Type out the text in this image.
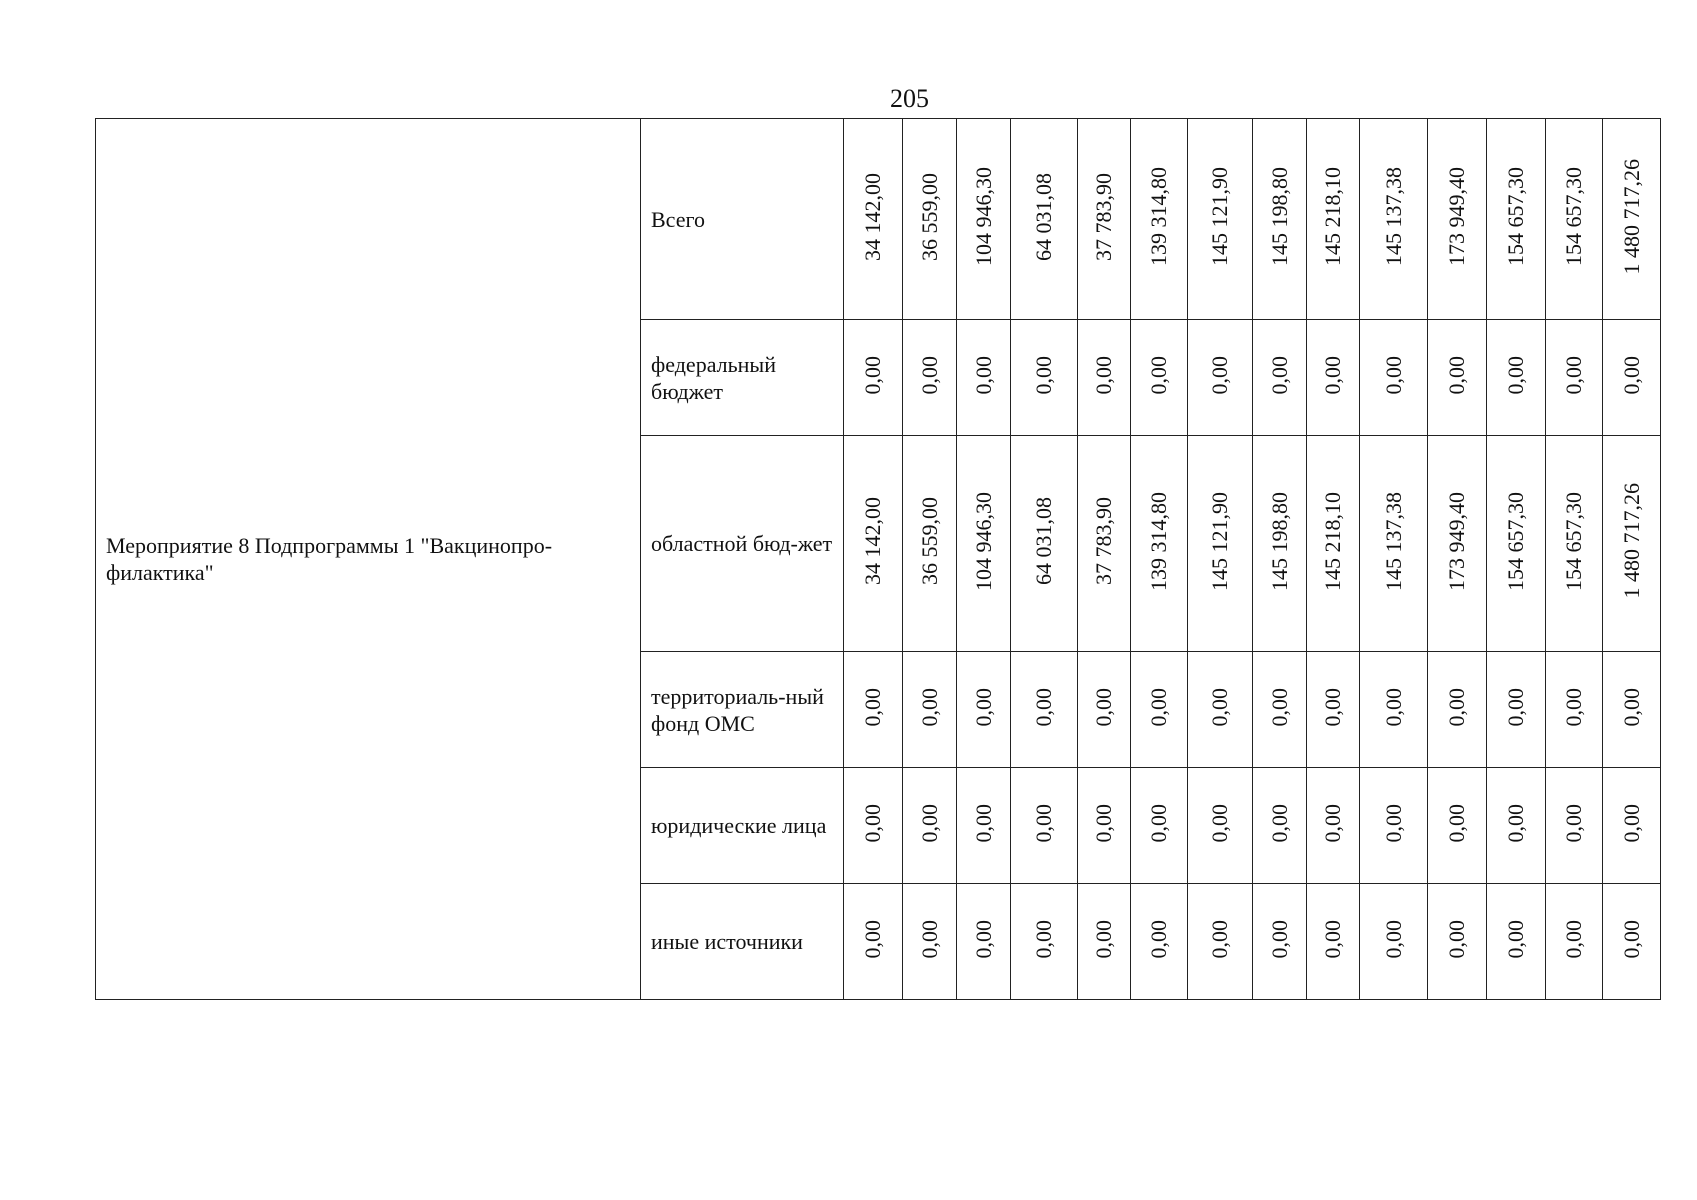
205
Мероприятие 8 Подпрограммы 1 "Вакцинопро-филактика"	Всего	34 142,00	36 559,00	104 946,30	64 031,08	37 783,90	139 314,80	145 121,90	145 198,80	145 218,10	145 137,38	173 949,40	154 657,30	154 657,30	1 480 717,26
	федеральный бюджет	0,00	0,00	0,00	0,00	0,00	0,00	0,00	0,00	0,00	0,00	0,00	0,00	0,00	0,00
	областной бюд-жет	34 142,00	36 559,00	104 946,30	64 031,08	37 783,90	139 314,80	145 121,90	145 198,80	145 218,10	145 137,38	173 949,40	154 657,30	154 657,30	1 480 717,26
	территориаль-ный фонд ОМС	0,00	0,00	0,00	0,00	0,00	0,00	0,00	0,00	0,00	0,00	0,00	0,00	0,00	0,00
	юридические лица	0,00	0,00	0,00	0,00	0,00	0,00	0,00	0,00	0,00	0,00	0,00	0,00	0,00	0,00
	иные источники	0,00	0,00	0,00	0,00	0,00	0,00	0,00	0,00	0,00	0,00	0,00	0,00	0,00	0,00
